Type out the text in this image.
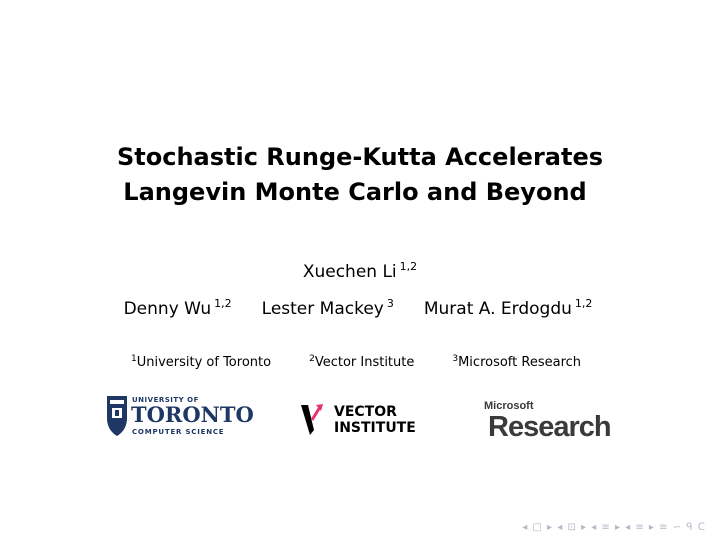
Stochastic Runge-Kutta Accelerates
Langevin Monte Carlo and Beyond
Xuechen Li $^{1,2}$
Denny Wu $^{1,2}$ Lester Mackey $^3$ Murat A. Erdogdu $^{1,2}$
$^1$University of Toronto	$^2$Vector Institute	$^3$Microsoft Research
UNIVERSITY OF
TORONTO
COMPUTER SCIENCE
VECTOR
INSTITUTE
Microsoft
Research
◂ □ ▸ ◂ ⊡ ▸ ◂ ≡ ▸ ◂ ≡ ▸ ≡ ∽ ᑫ ᑕ
